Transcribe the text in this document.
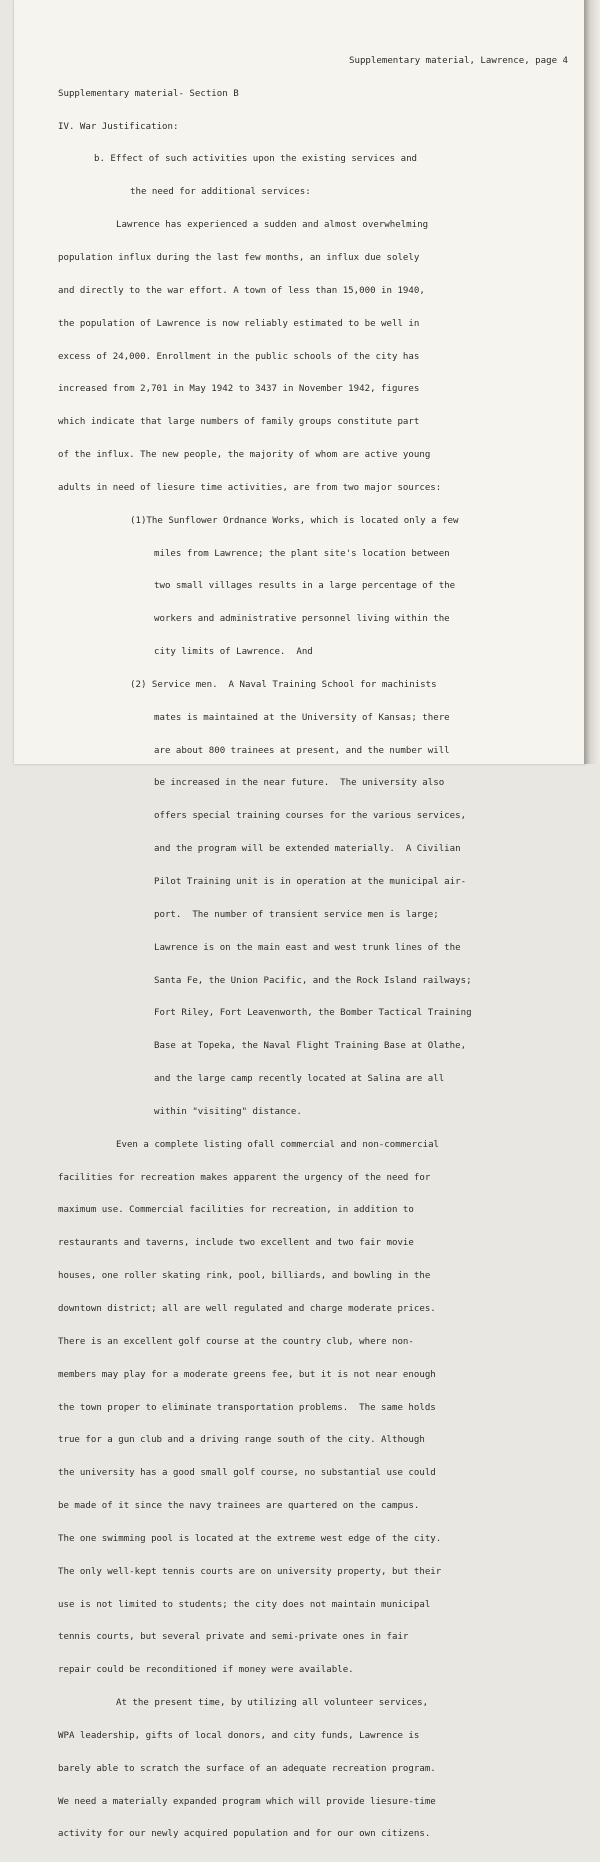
Supplementary material, Lawrence, page 4

Supplementary material- Section B

IV. War Justification:

b. Effect of such activities upon the existing services and

the need for additional services:

Lawrence has experienced a sudden and almost overwhelming

population influx during the last few months, an influx due solely

and directly to the war effort. A town of less than 15,000 in 1940,

the population of Lawrence is now reliably estimated to be well in

excess of 24,000. Enrollment in the public schools of the city has

increased from 2,701 in May 1942 to 3437 in November 1942, figures

which indicate that large numbers of family groups constitute part

of the influx. The new people, the majority of whom are active young

adults in need of liesure time activities, are from two major sources:

(1)The Sunflower Ordnance Works, which is located only a few

miles from Lawrence; the plant site's location between

two small villages results in a large percentage of the

workers and administrative personnel living within the

city limits of Lawrence.  And

(2) Service men.  A Naval Training School for machinists

mates is maintained at the University of Kansas; there

are about 800 trainees at present, and the number will

be increased in the near future.  The university also

offers special training courses for the various services,

and the program will be extended materially.  A Civilian

Pilot Training unit is in operation at the municipal air-

port.  The number of transient service men is large;

Lawrence is on the main east and west trunk lines of the

Santa Fe, the Union Pacific, and the Rock Island railways;

Fort Riley, Fort Leavenworth, the Bomber Tactical Training

Base at Topeka, the Naval Flight Training Base at Olathe,

and the large camp recently located at Salina are all

within "visiting" distance.

Even a complete listing ofall commercial and non-commercial

facilities for recreation makes apparent the urgency of the need for

maximum use. Commercial facilities for recreation, in addition to

restaurants and taverns, include two excellent and two fair movie

houses, one roller skating rink, pool, billiards, and bowling in the

downtown district; all are well regulated and charge moderate prices.

There is an excellent golf course at the country club, where non-

members may play for a moderate greens fee, but it is not near enough

the town proper to eliminate transportation problems.  The same holds

true for a gun club and a driving range south of the city. Although

the university has a good small golf course, no substantial use could

be made of it since the navy trainees are quartered on the campus.

The one swimming pool is located at the extreme west edge of the city.

The only well-kept tennis courts are on university property, but their

use is not limited to students; the city does not maintain municipal

tennis courts, but several private and semi-private ones in fair

repair could be reconditioned if money were available.

At the present time, by utilizing all volunteer services,

WPA leadership, gifts of local donors, and city funds, Lawrence is

barely able to scratch the surface of an adequate recreation program.

We need a materially expanded program which will provide liesure-time

activity for our newly acquired population and for our own citizens.
